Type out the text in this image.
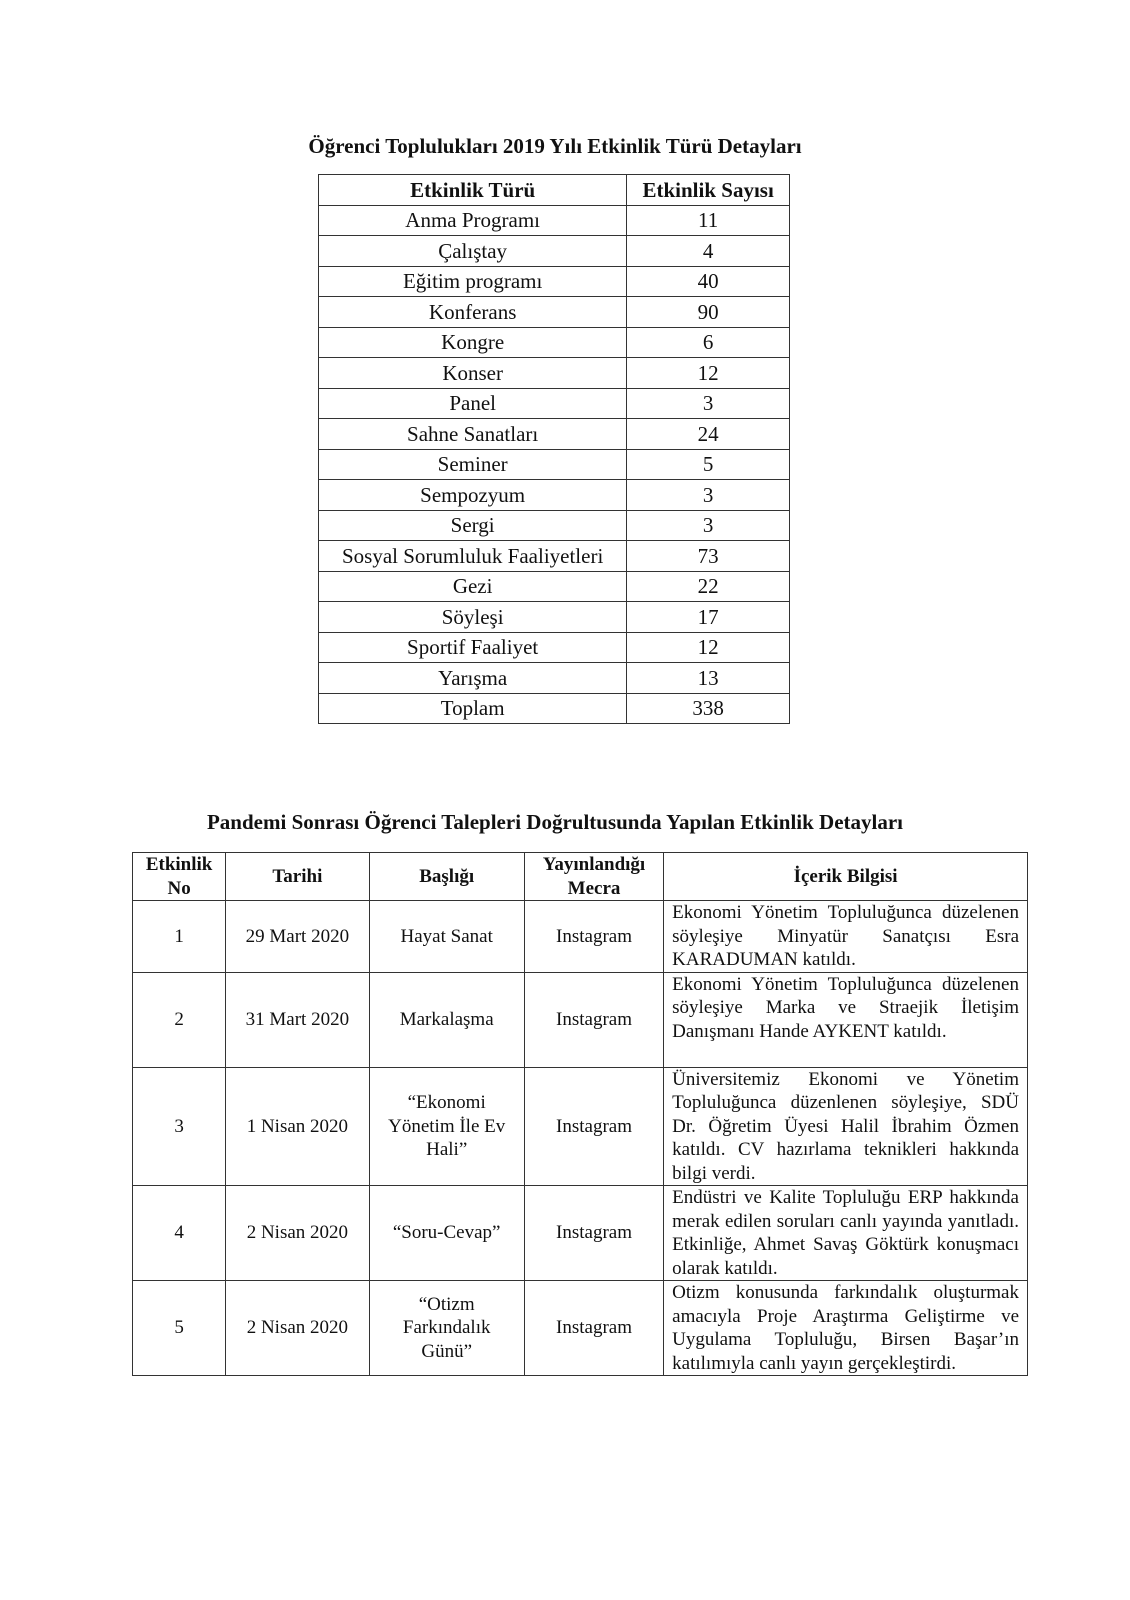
Öğrenci Toplulukları 2019 Yılı Etkinlik Türü Detayları
Etkinlik Türü	Etkinlik Sayısı
Anma Programı	11
Çalıştay	4
Eğitim programı	40
Konferans	90
Kongre	6
Konser	12
Panel	3
Sahne Sanatları	24
Seminer	5
Sempozyum	3
Sergi	3
Sosyal Sorumluluk Faaliyetleri	73
Gezi	22
Söyleşi	17
Sportif Faaliyet	12
Yarışma	13
Toplam	338
Pandemi Sonrası Öğrenci Talepleri Doğrultusunda Yapılan Etkinlik Detayları
Etkinlik No	Tarihi	Başlığı	Yayınlandığı Mecra	İçerik Bilgisi
1	29 Mart 2020	Hayat Sanat	Instagram	Ekonomi Yönetim Topluluğunca düzelenen söyleşiye Minyatür Sanatçısı Esra KARADUMAN katıldı.
2	31 Mart 2020	Markalaşma	Instagram	Ekonomi Yönetim Topluluğunca düzelenen söyleşiye Marka ve Straejik İletişim Danışmanı Hande AYKENT katıldı.
3	1 Nisan 2020	“Ekonomi Yönetim İle Ev Hali”	Instagram	Üniversitemiz Ekonomi ve Yönetim Topluluğunca düzenlenen söyleşiye, SDÜ Dr. Öğretim Üyesi Halil İbrahim Özmen katıldı. CV hazırlama teknikleri hakkında bilgi verdi.
4	2 Nisan 2020	“Soru-Cevap”	Instagram	Endüstri ve Kalite Topluluğu ERP hakkında merak edilen soruları canlı yayında yanıtladı. Etkinliğe, Ahmet Savaş Göktürk konuşmacı olarak katıldı.
5	2 Nisan 2020	“Otizm Farkındalık Günü”	Instagram	Otizm konusunda farkındalık oluşturmak amacıyla Proje Araştırma Geliştirme ve Uygulama Topluluğu, Birsen Başar’ın katılımıyla canlı yayın gerçekleştirdi.
